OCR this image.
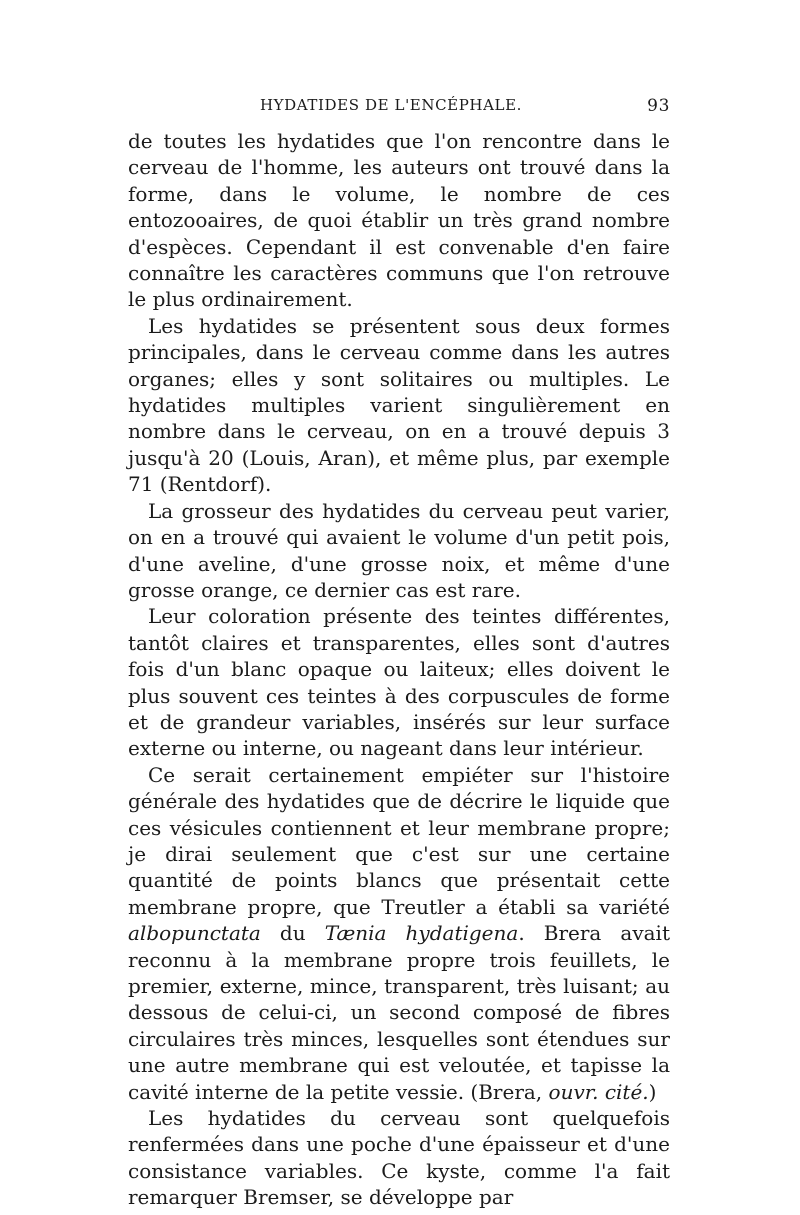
HYDATIDES DE L'ENCÉPHALE.	93

de toutes les hydatides que l'on rencontre dans le cerveau de l'homme, les auteurs ont trouvé dans la forme, dans le volume, le nombre de ces entozooaires, de quoi établir un très grand nombre d'espèces. Cependant il est convenable d'en faire connaître les caractères communs que l'on retrouve le plus ordinairement.

Les hydatides se présentent sous deux formes principales, dans le cerveau comme dans les autres organes; elles y sont solitaires ou multiples. Le hydatides multiples varient singulièrement en nombre dans le cerveau, on en a trouvé depuis 3 jusqu'à 20 (Louis, Aran), et même plus, par exemple 71 (Rentdorf).

La grosseur des hydatides du cerveau peut varier, on en a trouvé qui avaient le volume d'un petit pois, d'une aveline, d'une grosse noix, et même d'une grosse orange, ce dernier cas est rare.

Leur coloration présente des teintes différentes, tantôt claires et transparentes, elles sont d'autres fois d'un blanc opaque ou laiteux; elles doivent le plus souvent ces teintes à des corpuscules de forme et de grandeur variables, insérés sur leur surface externe ou interne, ou nageant dans leur intérieur.

Ce serait certainement empiéter sur l'histoire générale des hydatides que de décrire le liquide que ces vésicules contiennent et leur membrane propre; je dirai seulement que c'est sur une certaine quantité de points blancs que présentait cette membrane propre, que Treutler a établi sa variété albopunctata du Tænia hydatigena. Brera avait reconnu à la membrane propre trois feuillets, le premier, externe, mince, transparent, très luisant; au dessous de celui-ci, un second composé de fibres circulaires très minces, lesquelles sont étendues sur une autre membrane qui est veloutée, et tapisse la cavité interne de la petite vessie. (Brera, ouvr. cité.)

Les hydatides du cerveau sont quelquefois renfermées dans une poche d'une épaisseur et d'une consistance variables. Ce kyste, comme l'a fait remarquer Bremser, se développe par
